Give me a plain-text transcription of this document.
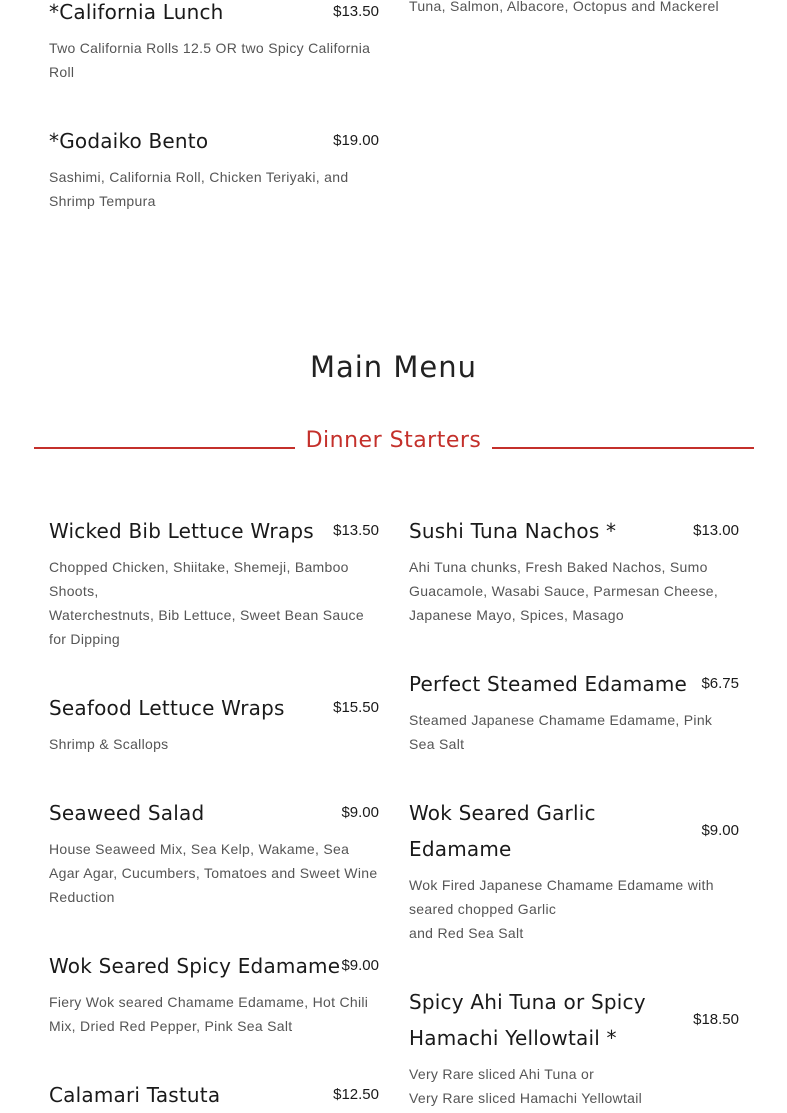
Tuna, Salmon, Albacore, Octopus and Mackerel
*California Lunch	$13.50
Two California Rolls 12.5 OR two Spicy California Roll
*Godaiko Bento	$19.00
Sashimi, California Roll, Chicken Teriyaki, and Shrimp Tempura
Main Menu
Dinner Starters
Wicked Bib Lettuce Wraps $13.50
Chopped Chicken, Shiitake, Shemeji, Bamboo Shoots,
Waterchestnuts, Bib Lettuce, Sweet Bean Sauce for Dipping
Seafood Lettuce Wraps	$15.50
Shrimp & Scallops
Seaweed Salad	$9.00
House Seaweed Mix, Sea Kelp, Wakame, Sea Agar Agar, Cucumbers, Tomatoes and Sweet Wine Reduction
Wok Seared Spicy Edamame $9.00
Fiery Wok seared Chamame Edamame, Hot Chili Mix, Dried Red Pepper, Pink Sea Salt
Calamari Tastuta	$12.50
Sushi Tuna Nachos *	$13.00
Ahi Tuna chunks, Fresh Baked Nachos, Sumo Guacamole, Wasabi Sauce, Parmesan Cheese, Japanese Mayo, Spices, Masago
Perfect Steamed Edamame $6.75
Steamed Japanese Chamame Edamame, Pink Sea Salt
Wok Seared Garlic Edamame
$9.00
Wok Fired Japanese Chamame Edamame with seared chopped Garlic
and Red Sea Salt
Spicy Ahi Tuna or Spicy Hamachi Yellowtail *
$18.50
Very Rare sliced Ahi Tuna or
Very Rare sliced Hamachi Yellowtail
